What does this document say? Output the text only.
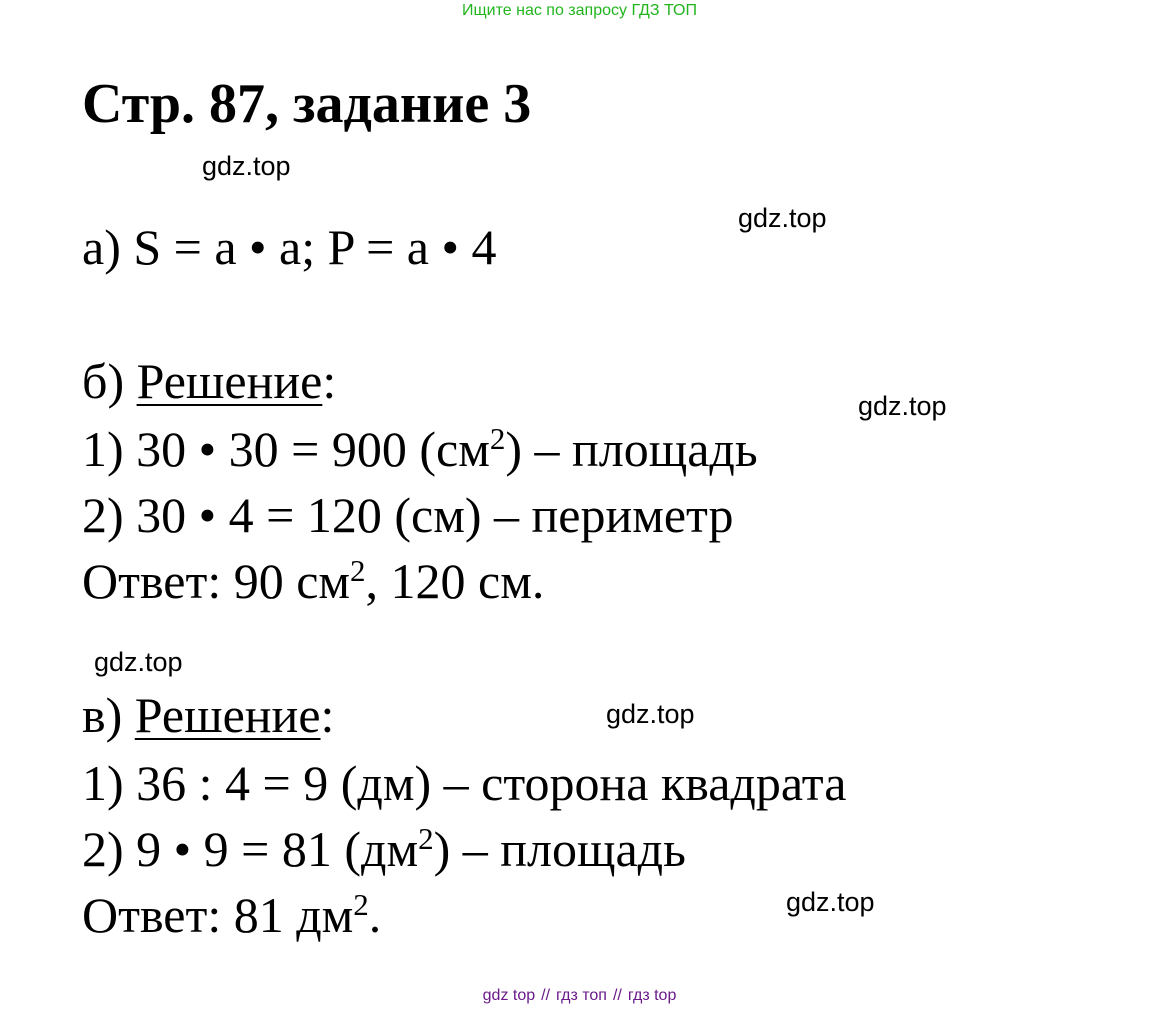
Ищите нас по запросу ГДЗ ТОП
Стр. 87, задание 3
gdz.top
gdz.top
gdz.top
gdz.top
gdz.top
gdz.top
а) S = a • a; P = a • 4
б) Решение:
1) 30 • 30 = 900 $(см^2)$ – площадь
2) 30 • 4 = 120 (см) – периметр
Ответ: 90 $см^2$, 120 см.
в) Решение:
1) 36 : 4 = 9 (дм) – сторона квадрата
2) 9 • 9 = 81 $(дм^2)$ – площадь
Ответ: 81 $дм^2$.
gdz top // гдз топ // гдз top
